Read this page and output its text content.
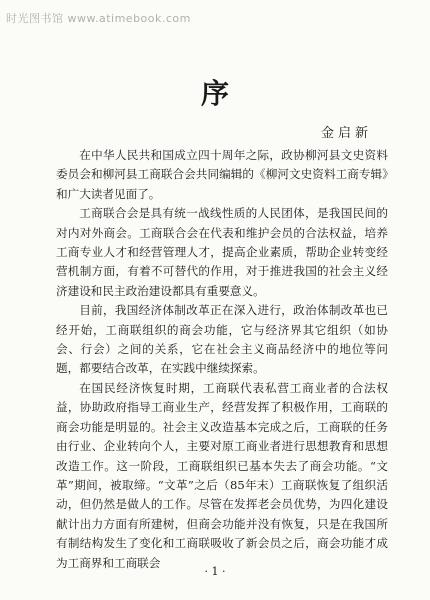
时光图书馆 www.atimebook.com
序
金启新

在中华人民共和国成立四十周年之际，政协柳河县文史资料委员会和柳河县工商联合会共同编辑的《柳河文史资料工商专辑》和广大读者见面了。

工商联合会是具有统一战线性质的人民团体，是我国民间的对内对外商会。工商联合会在代表和维护会员的合法权益，培养工商专业人才和经营管理人才，提高企业素质，帮助企业转变经营机制方面，有着不可替代的作用，对于推进我国的社会主义经济建设和民主政治建设都具有重要意义。

目前，我国经济体制改革正在深入进行，政治体制改革也已经开始，工商联组织的商会功能，它与经济界其它组织（如协会、行会）之间的关系，它在社会主义商品经济中的地位等问题，都要结合改革，在实践中继续探索。

在国民经济恢复时期，工商联代表私营工商业者的合法权益，协助政府指导工商业生产，经营发挥了积极作用，工商联的商会功能是明显的。社会主义改造基本完成之后，工商联的任务由行业、企业转向个人，主要对原工商业者进行思想教育和思想改造工作。这一阶段，工商联组织已基本失去了商会功能。“文革”期间，被取缔。“文革”之后（85年末）工商联恢复了组织活动，但仍然是做人的工作。尽管在发挥老会员优势，为四化建设献计出力方面有所建树，但商会功能并没有恢复，只是在我国所有制结构发生了变化和工商联吸收了新会员之后，商会功能才成为工商界和工商联会

· 1 ·
